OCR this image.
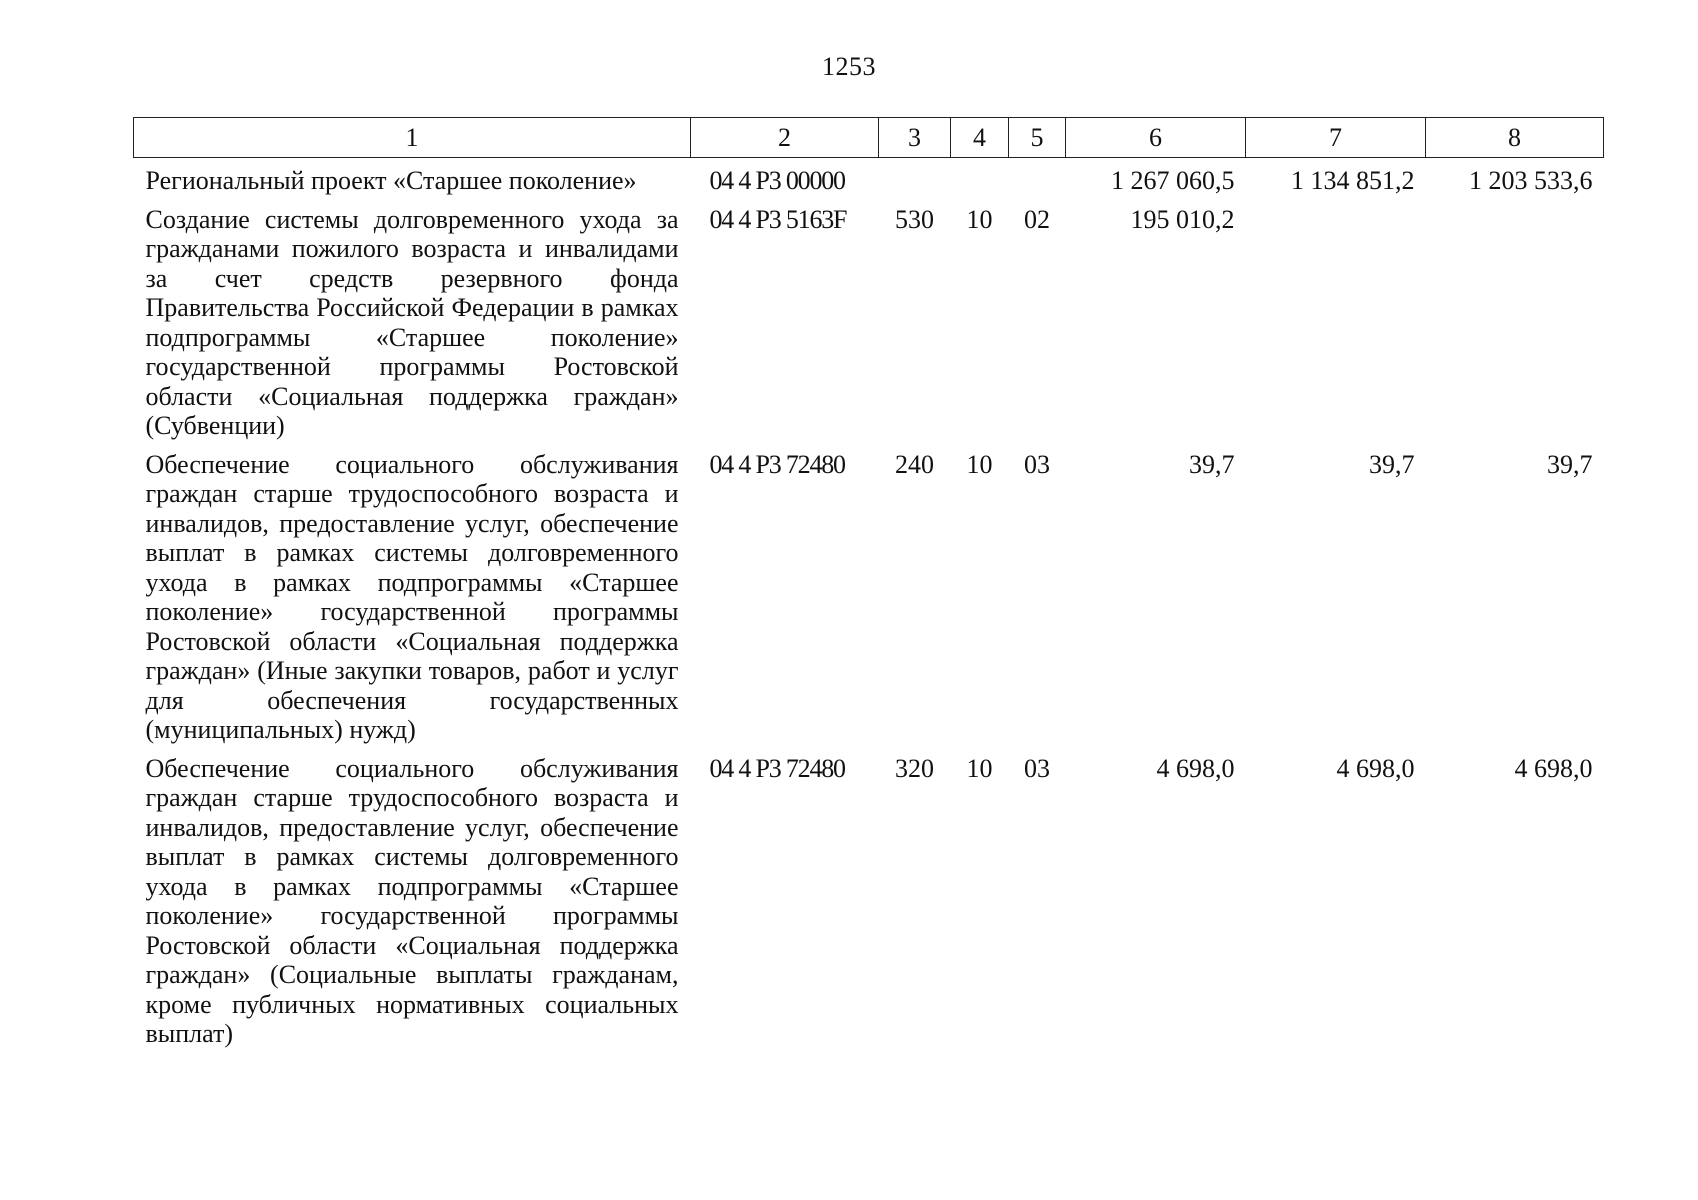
1253
1	2	3	4	5	6	7	8
Региональный проект «Старшее поколение»	04 4 Р3 00000				1 267 060,5	1 134 851,2	1 203 533,6
Создание системы долговременного ухода за гражданами пожилого возраста и инвалидами за счет средств резервного фонда Правительства Российской Федерации в рамках подпрограммы «Старшее поколение» государственной программы Ростовской области «Социальная поддержка граждан» (Субвенции)	04 4 Р3 5163F	530	10	02	195 010,2		
Обеспечение социального обслуживания граждан старше трудоспособного возраста и инвалидов, предоставление услуг, обеспечение выплат в рамках системы долговременного ухода в рамках подпрограммы «Старшее поколение» государственной программы Ростовской области «Социальная поддержка граждан» (Иные закупки товаров, работ и услуг для обеспечения государственных (муниципальных) нужд)	04 4 Р3 72480	240	10	03	39,7	39,7	39,7
Обеспечение социального обслуживания граждан старше трудоспособного возраста и инвалидов, предоставление услуг, обеспечение выплат в рамках системы долговременного ухода в рамках подпрограммы «Старшее поколение» государственной программы Ростовской области «Социальная поддержка граждан» (Социальные выплаты гражданам, кроме публичных нормативных социальных выплат)	04 4 Р3 72480	320	10	03	4 698,0	4 698,0	4 698,0
